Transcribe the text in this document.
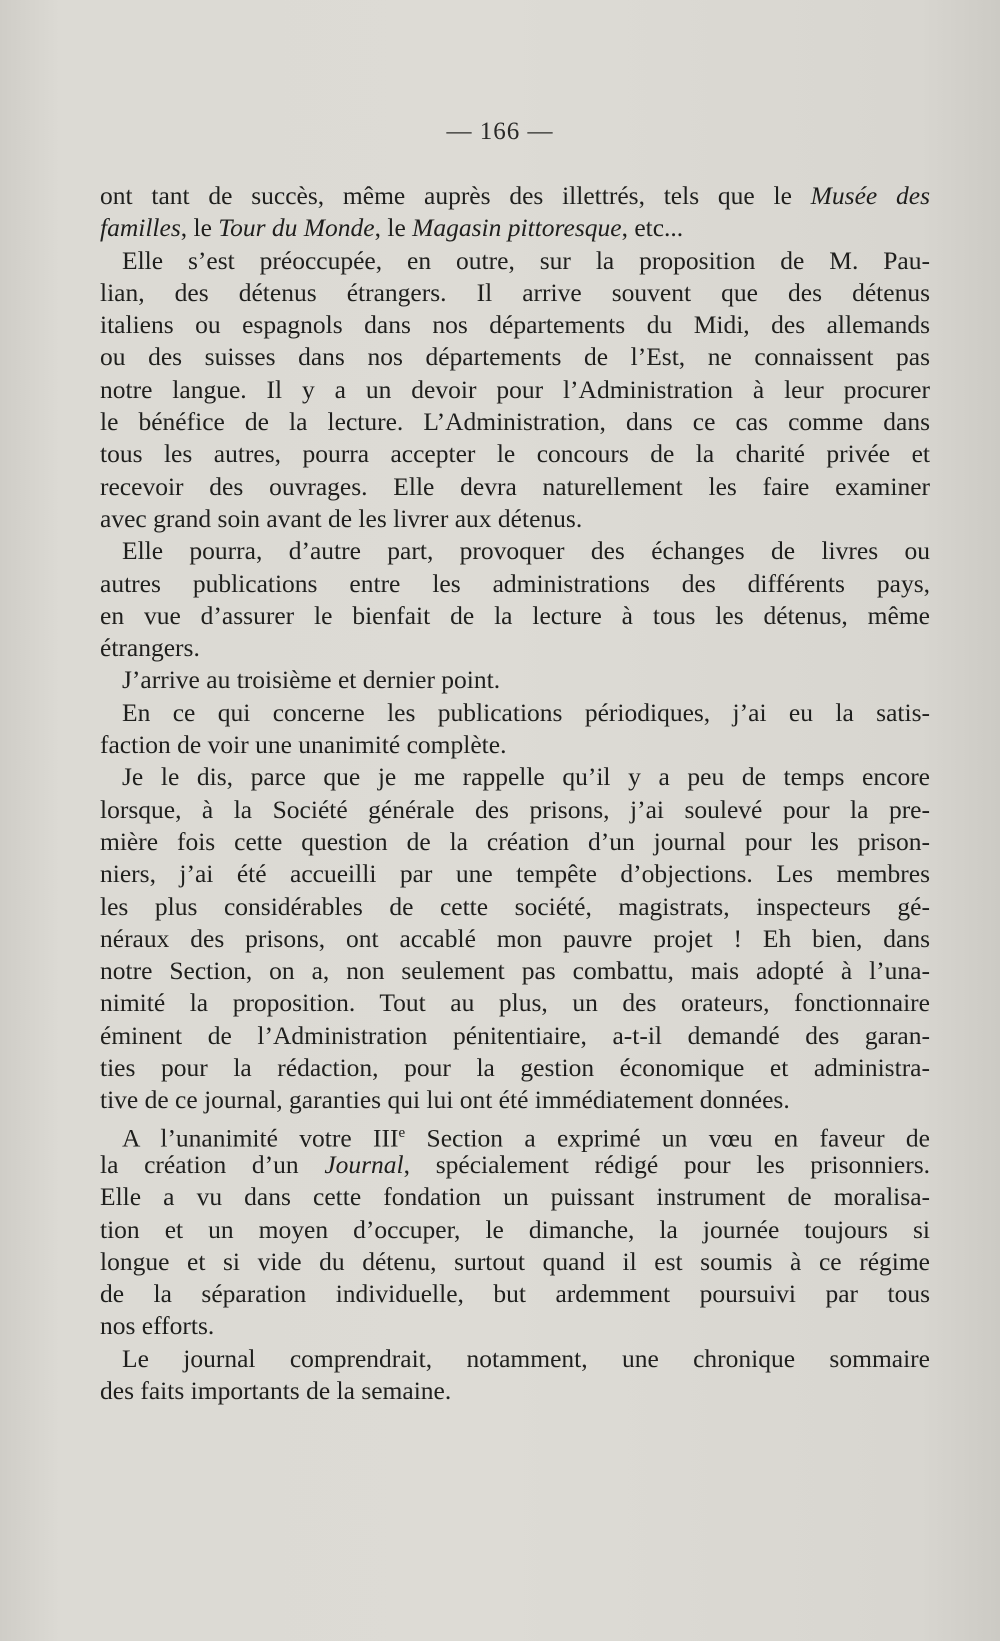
— 166 —
ont tant de succès, même auprès des illettrés, tels que le Musée des
familles, le Tour du Monde, le Magasin pittoresque, etc...
Elle s’est préoccupée, en outre, sur la proposition de M. Pau-
lian, des détenus étrangers. Il arrive souvent que des détenus
italiens ou espagnols dans nos départements du Midi, des allemands
ou des suisses dans nos départements de l’Est, ne connaissent pas
notre langue. Il y a un devoir pour l’Administration à leur procurer
le bénéfice de la lecture. L’Administration, dans ce cas comme dans
tous les autres, pourra accepter le concours de la charité privée et
recevoir des ouvrages. Elle devra naturellement les faire examiner
avec grand soin avant de les livrer aux détenus.
Elle pourra, d’autre part, provoquer des échanges de livres ou
autres publications entre les administrations des différents pays,
en vue d’assurer le bienfait de la lecture à tous les détenus, même
étrangers.
J’arrive au troisième et dernier point.
En ce qui concerne les publications périodiques, j’ai eu la satis-
faction de voir une unanimité complète.
Je le dis, parce que je me rappelle qu’il y a peu de temps encore
lorsque, à la Société générale des prisons, j’ai soulevé pour la pre-
mière fois cette question de la création d’un journal pour les prison-
niers, j’ai été accueilli par une tempête d’objections. Les membres
les plus considérables de cette société, magistrats, inspecteurs gé-
néraux des prisons, ont accablé mon pauvre projet ! Eh bien, dans
notre Section, on a, non seulement pas combattu, mais adopté à l’una-
nimité la proposition. Tout au plus, un des orateurs, fonctionnaire
éminent de l’Administration pénitentiaire, a-t-il demandé des garan-
ties pour la rédaction, pour la gestion économique et administra-
tive de ce journal, garanties qui lui ont été immédiatement données.
A l’unanimité votre IIIe Section a exprimé un vœu en faveur de
la création d’un Journal, spécialement rédigé pour les prisonniers.
Elle a vu dans cette fondation un puissant instrument de moralisa-
tion et un moyen d’occuper, le dimanche, la journée toujours si
longue et si vide du détenu, surtout quand il est soumis à ce régime
de la séparation individuelle, but ardemment poursuivi par tous
nos efforts.
Le journal comprendrait, notamment, une chronique sommaire
des faits importants de la semaine.
